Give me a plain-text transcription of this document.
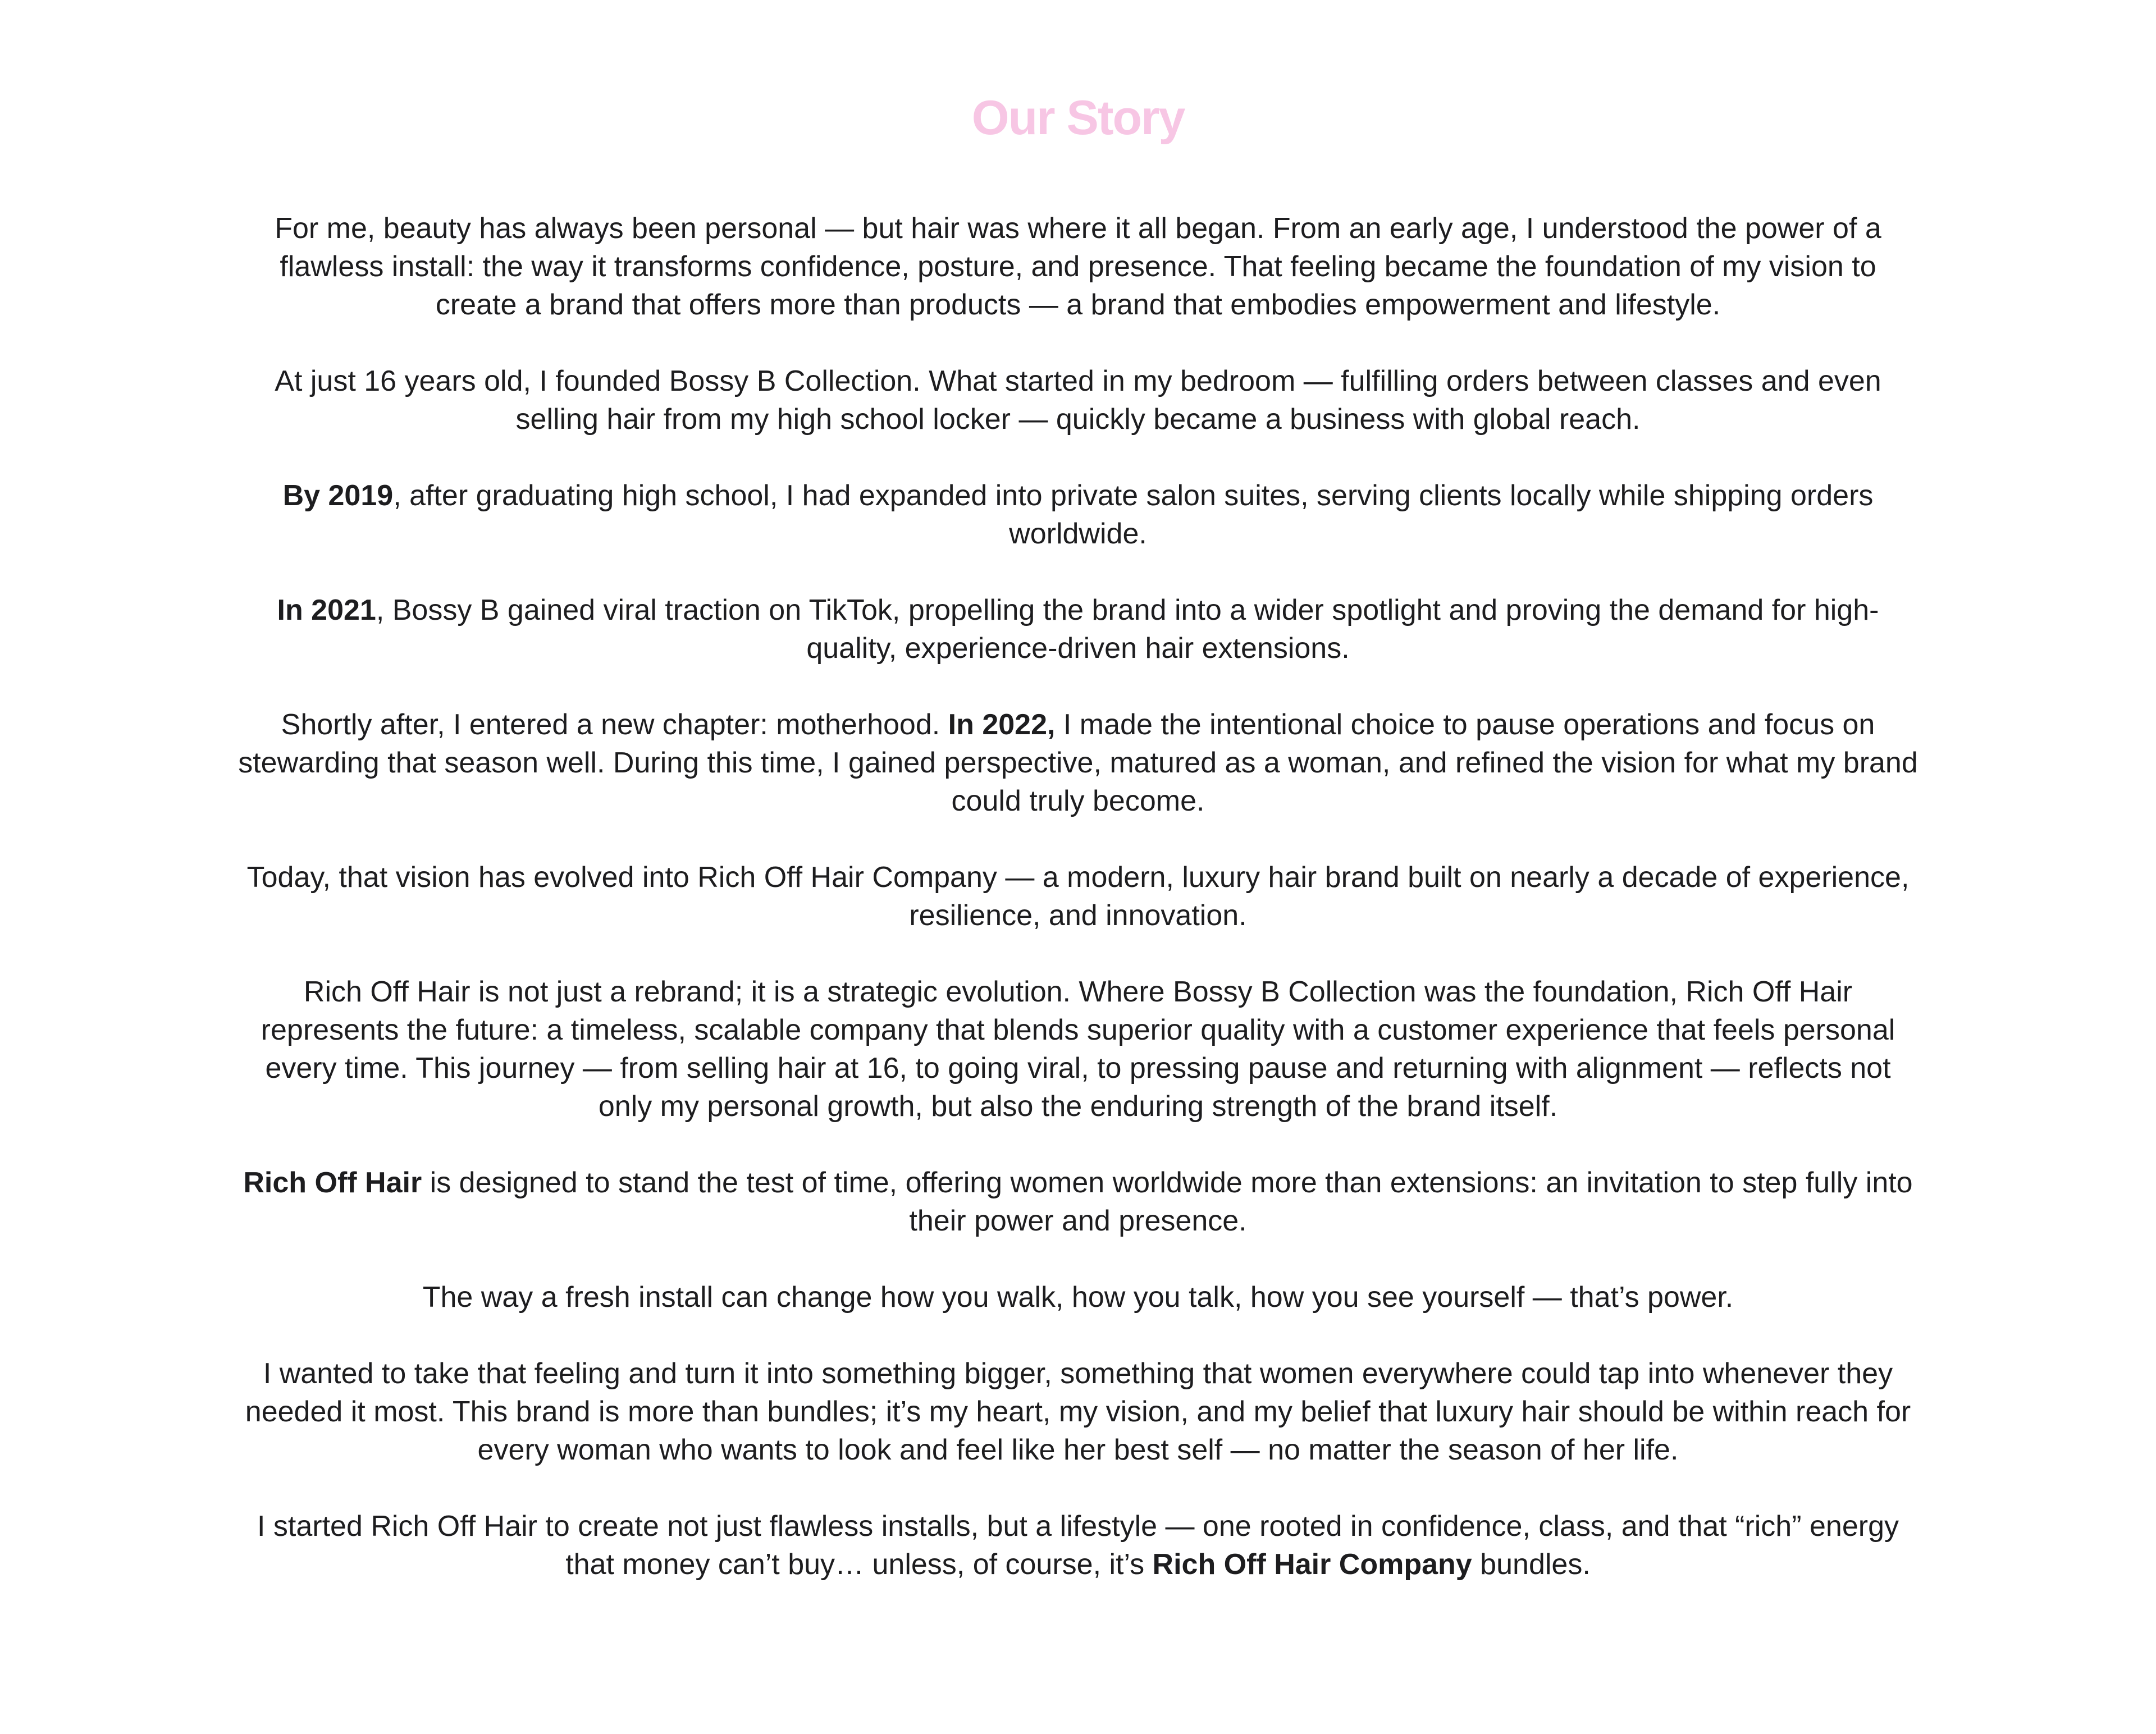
Our Story

For me, beauty has always been personal — but hair was where it all began. From an early age, I understood the power of a flawless install: the way it transforms confidence, posture, and presence. That feeling became the foundation of my vision to create a brand that offers more than products — a brand that embodies empowerment and lifestyle.

At just 16 years old, I founded Bossy B Collection. What started in my bedroom — fulfilling orders between classes and even selling hair from my high school locker — quickly became a business with global reach.

By 2019, after graduating high school, I had expanded into private salon suites, serving clients locally while shipping orders worldwide.

In 2021, Bossy B gained viral traction on TikTok, propelling the brand into a wider spotlight and proving the demand for high-quality, experience-driven hair extensions.

Shortly after, I entered a new chapter: motherhood. In 2022, I made the intentional choice to pause operations and focus on stewarding that season well. During this time, I gained perspective, matured as a woman, and refined the vision for what my brand could truly become.

Today, that vision has evolved into Rich Off Hair Company — a modern, luxury hair brand built on nearly a decade of experience, resilience, and innovation.

Rich Off Hair is not just a rebrand; it is a strategic evolution. Where Bossy B Collection was the foundation, Rich Off Hair represents the future: a timeless, scalable company that blends superior quality with a customer experience that feels personal every time. This journey — from selling hair at 16, to going viral, to pressing pause and returning with alignment — reflects not only my personal growth, but also the enduring strength of the brand itself.

Rich Off Hair is designed to stand the test of time, offering women worldwide more than extensions: an invitation to step fully into their power and presence.

The way a fresh install can change how you walk, how you talk, how you see yourself — that’s power.

I wanted to take that feeling and turn it into something bigger, something that women everywhere could tap into whenever they needed it most. This brand is more than bundles; it’s my heart, my vision, and my belief that luxury hair should be within reach for every woman who wants to look and feel like her best self — no matter the season of her life.

I started Rich Off Hair to create not just flawless installs, but a lifestyle — one rooted in confidence, class, and that “rich” energy that money can’t buy… unless, of course, it’s Rich Off Hair Company bundles.
